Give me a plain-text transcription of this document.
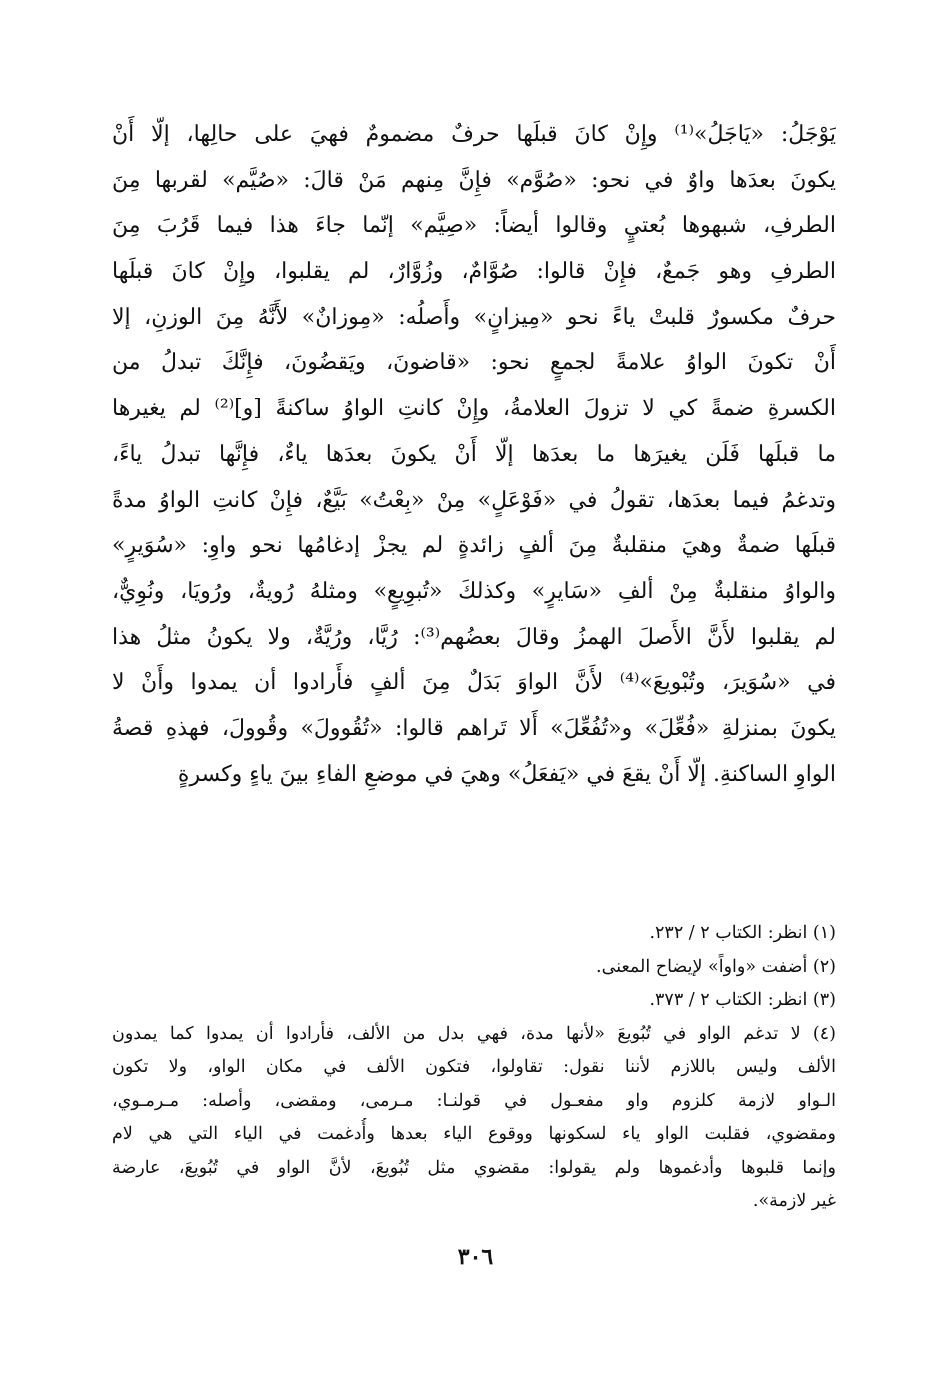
يَوْجَلُ: «يَاجَلُ»⁽¹⁾ وإِنْ كانَ قبلَها حرفٌ مضمومٌ فهيَ على حالِها، إلّا أَنْ
يكونَ بعدَها واوٌ في نحو: «صُوَّم» فإِنَّ مِنهم مَنْ قالَ: «صُيَّم» لقربها مِنَ
الطرفِ، شبهوها بُعتيٍ وقالوا أيضاً: «صِيَّم» إنّما جاءَ هذا فيما قَرُبَ مِنَ
الطرفِ وهو جَمعٌ، فإِنْ قالوا: صُوَّامٌ، وزُوَّارٌ، لم يقلبوا، وإِنْ كانَ قبلَها
حرفٌ مكسورٌ قلبتْ ياءً نحو «مِيزانٍ» وأَصلُه: «مِوزانٌ» لأَنَّهُ مِنَ الوزنِ، إلا
أَنْ تكونَ الواوُ علامةً لجمعٍ نحو: «قاضونَ، ويَقضُونَ، فإِنَّكَ تبدلُ من
الكسرةِ ضمةً كي لا تزولَ العلامةُ، وإِنْ كانتِ الواوُ ساكنةً [و]⁽²⁾ لم يغيرها
ما قبلَها فَلَن يغيرَها ما بعدَها إلّا أَنْ يكونَ بعدَها ياءٌ، فإِنَّها تبدلُ ياءً،
وتدغمُ فيما بعدَها، تقولُ في «فَوْعَلٍ» مِنْ «بِعْتُ» بَيَّعٌ، فإِنْ كانتِ الواوُ مدةً
قبلَها ضمةٌ وهيَ منقلبةٌ مِنَ ألفٍ زائدةٍ لم يجزْ إدغامُها نحو واوِ: «سُوَيرٍ»
والواوُ منقلبةٌ مِنْ ألفِ «سَايرٍ» وكذلكَ «تُبوِيعٍ» ومثلهُ رُويةٌ، ورُويَا، ونُوِيٌّ،
لم يقلبوا لأَنَّ الأَصلَ الهمزُ وقالَ بعضُهم⁽³⁾: رُيَّا، ورُيَّةٌ، ولا يكونُ مثلُ هذا
في «سُوَيرَ، وتُبْويعَ»⁽⁴⁾ لأَنَّ الواوَ بَدَلٌ مِنَ ألفٍ فأَرادوا أن يمدوا وأَنْ لا
يكونَ بمنزلةِ «فُعِّلَ» و«تُفُعِّلَ» أَلا تَراهم قالوا: «تُقُوولَ» وقُوولَ، فهذهِ قصةُ
الواوِ الساكنةِ. إلّا أَنْ يقعَ في «يَفعَلُ» وهيَ في موضعِ الفاءِ بينَ ياءٍ وكسرةٍ
(١) انظر: الكتاب ٢ / ٢٣٢.
(٢) أضفت «واواً» لإيضاح المعنى.
(٣) انظر: الكتاب ٢ / ٣٧٣.
(٤) لا تدغم الواو في تُبُويعَ «لأنها مدة، فهي بدل من الألف، فأرادوا أن يمدوا كما يمدون
الألف وليس باللازم لأننا نقول: تقاولوا، فتكون الألف في مكان الواو، ولا تكون
الـواو لازمة كلزوم واو مفعـول في قولنـا: مـرمى، ومقضى، وأصله: مـرمـوي،
ومقضوي، فقلبت الواو ياء لسكونها ووقوع الياء بعدها وأُدغمت في الياء التي هي لام
وإنما قلبوها وأدغموها ولم يقولوا: مقضوي مثل تُبُويعَ، لأنَّ الواو في تُبُويعَ، عارضة
غير لازمة».
٣٠٦
